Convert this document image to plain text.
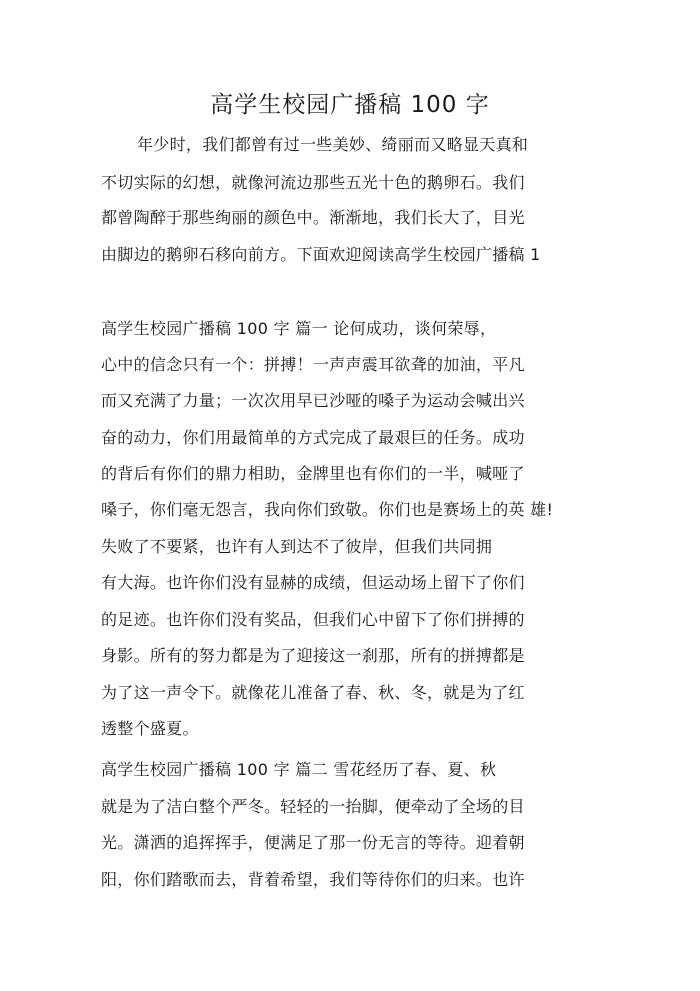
高学生校园广播稿 100 字
年少时，我们都曾有过一些美妙、绮丽而又略显天真和
不切实际的幻想，就像河流边那些五光十色的鹅卵石。我们
都曾陶醉于那些绚丽的颜色中。渐渐地，我们长大了，目光
由脚边的鹅卵石移向前方。下面欢迎阅读高学生校园广播稿 1
高学生校园广播稿 100 字 篇一 论何成功，谈何荣辱，
心中的信念只有一个：拼搏！一声声震耳欲聋的加油，平凡
而又充满了力量；一次次用早已沙哑的嗓子为运动会喊出兴
奋的动力，你们用最简单的方式完成了最艰巨的任务。成功
的背后有你们的鼎力相助，金牌里也有你们的一半，喊哑了
嗓子，你们毫无怨言，我向你们致敬。你们也是赛场上的英 雄!
失败了不要紧，也许有人到达不了彼岸，但我们共同拥
有大海。也许你们没有显赫的成绩，但运动场上留下了你们
的足迹。也许你们没有奖品，但我们心中留下了你们拼搏的
身影。所有的努力都是为了迎接这一刹那，所有的拼搏都是
为了这一声令下。就像花儿准备了春、秋、冬，就是为了红
透整个盛夏。
高学生校园广播稿 100 字 篇二 雪花经历了春、夏、秋
就是为了洁白整个严冬。轻轻的一抬脚，便牵动了全场的目
光。潇洒的追挥挥手，便满足了那一份无言的等待。迎着朝
阳，你们踏歌而去，背着希望，我们等待你们的归来。也许
